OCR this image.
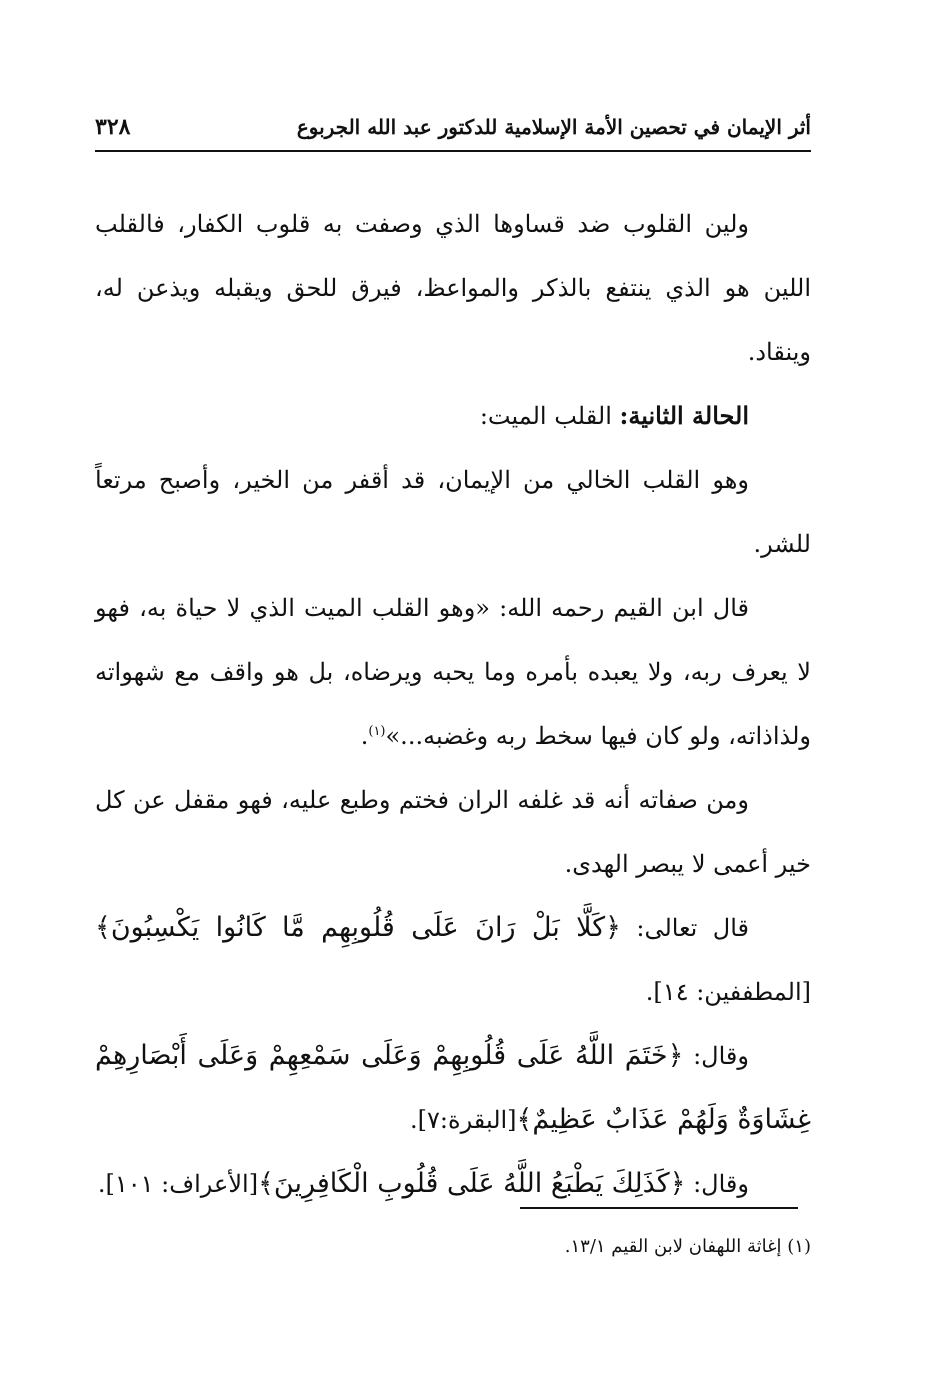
أثر الإيمان في تحصين الأمة الإسلامية للدكتور عبد الله الجربوع
٣٢٨

ولين القلوب ضد قساوها الذي وصفت به قلوب الكفار، فالقلب اللين هو الذي ينتفع بالذكر والمواعظ، فيرق للحق ويقبله ويذعن له، وينقاد.

الحالة الثانية: القلب الميت:

وهو القلب الخالي من الإيمان، قد أقفر من الخير، وأصبح مرتعاً للشر.

قال ابن القيم رحمه الله: «وهو القلب الميت الذي لا حياة به، فهو لا يعرف ربه، ولا يعبده بأمره وما يحبه ويرضاه، بل هو واقف مع شهواته ولذاذاته، ولو كان فيها سخط ربه وغضبه...»$^{(١)}$.

ومن صفاته أنه قد غلفه الران فختم وطبع عليه، فهو مقفل عن كل خير أعمى لا يبصر الهدى.

قال تعالى: ﴿كَلَّا بَلْ رَانَ عَلَى قُلُوبِهِم مَّا كَانُوا يَكْسِبُونَ﴾[المطففين: ١٤].

وقال: ﴿خَتَمَ اللَّهُ عَلَى قُلُوبِهِمْ وَعَلَى سَمْعِهِمْ وَعَلَى أَبْصَارِهِمْ غِشَاوَةٌ وَلَهُمْ عَذَابٌ عَظِيمٌ﴾[البقرة:٧].

وقال: ﴿كَذَلِكَ يَطْبَعُ اللَّهُ عَلَى قُلُوبِ الْكَافِرِينَ﴾[الأعراف: ١٠١].

(١) إغاثة اللهفان لابن القيم ١٣/١.
